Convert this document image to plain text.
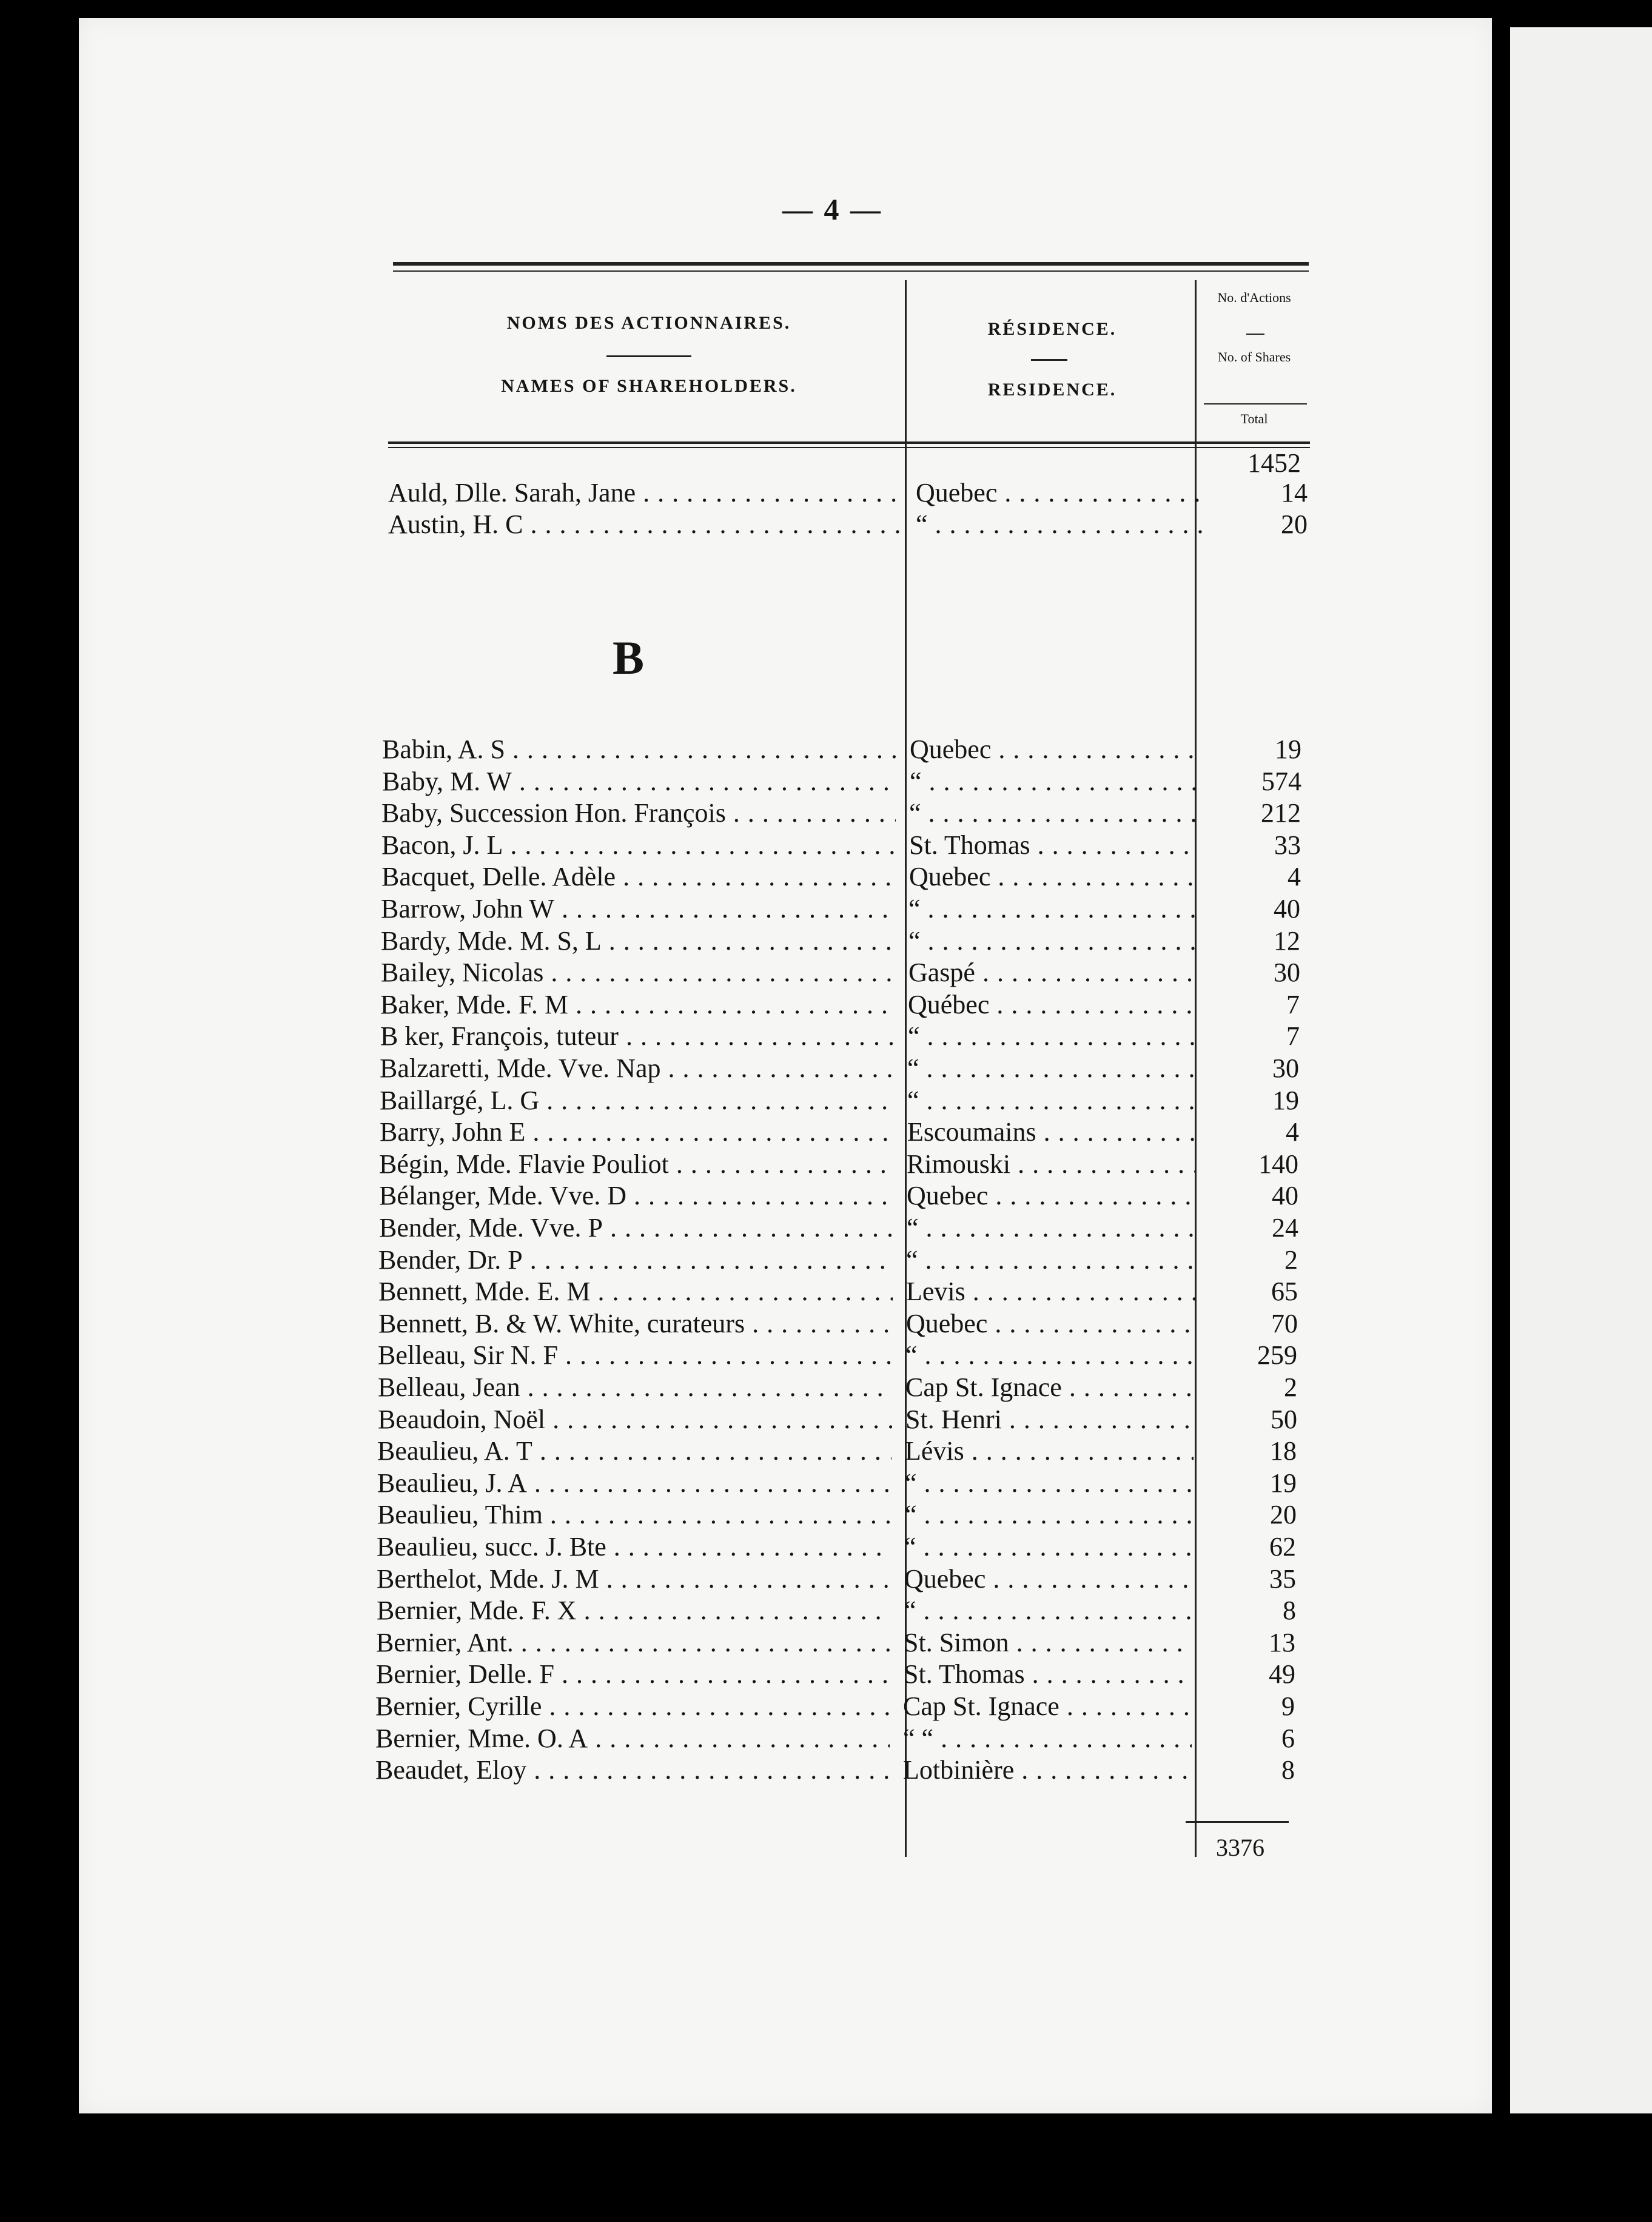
— 4 —
NOMS DES ACTIONNAIRES.
NAMES OF SHAREHOLDERS.
RÉSIDENCE.
RESIDENCE.
No. d'Actions
No. of Shares
Total
1452
Auld, Dlle. Sarah, Jane . . .	Quebec . . .	14
Austin, H. C . . .	“ . . .	20
B
Babin, A. S . . .	Quebec . . .	19
Baby, M. W . . .	“ . . .	574
Baby, Succession Hon. François . . .	“ . . .	212
Bacon, J. L . . .	St. Thomas . . .	33
Bacquet, Delle. Adèle . . .	Quebec . . .	4
Barrow, John W . . .	“ . . .	40
Bardy, Mde. M. S, L . . .	“ . . .	12
Bailey, Nicolas . . .	Gaspé . . .	30
Baker, Mde. F. M . . .	Québec . . .	7
B ker, François, tuteur . . .	“ . . .	7
Balzaretti, Mde. Vve. Nap . . .	“ . . .	30
Baillargé, L. G . . .	“ . . .	19
Barry, John E . . .	Escoumains . . .	4
Bégin, Mde. Flavie Pouliot . . .	Rimouski . . .	140
Bélanger, Mde. Vve. D . . .	Quebec . . .	40
Bender, Mde. Vve. P . . .	“ . . .	24
Bender, Dr. P . . .	“ . . .	2
Bennett, Mde. E. M . . .	Levis . . .	65
Bennett, B. & W. White, curateurs . . .	Quebec . . .	70
Belleau, Sir N. F . . .	“ . . .	259
Belleau, Jean . . .	Cap St. Ignace . . .	2
Beaudoin, Noël . . .	St. Henri . . .	50
Beaulieu, A. T . . .	Lévis . . .	18
Beaulieu, J. A . . .	“ . . .	19
Beaulieu, Thim . . .	“ . . .	20
Beaulieu, succ. J. Bte . . .	“ . . .	62
Berthelot, Mde. J. M . . .	Quebec . . .	35
Bernier, Mde. F. X . . .	“ . . .	8
Bernier, Ant. . . .	St. Simon . . .	13
Bernier, Delle. F . . .	St. Thomas . . .	49
Bernier, Cyrille . . .	Cap St. Ignace . . .	9
Bernier, Mme. O. A . . .	“ “ . . .	6
Beaudet, Eloy . . .	Lotbinière . . .	8
3376
